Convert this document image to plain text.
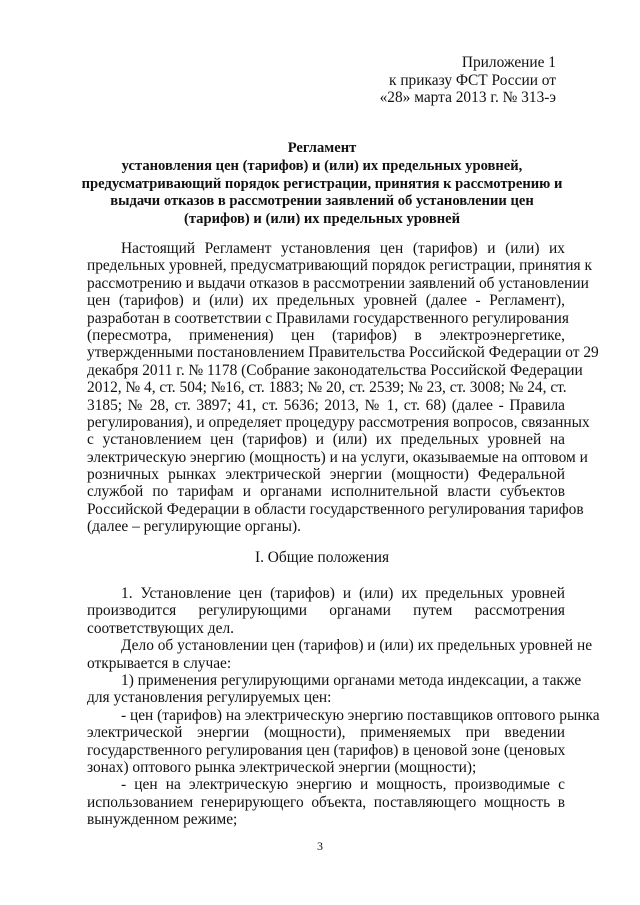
Приложение 1
к приказу ФСТ России от
«28» марта 2013 г. № 313-э
Регламент
установления цен (тарифов) и (или) их предельных уровней,
предусматривающий порядок регистрации, принятия к рассмотрению и
выдачи отказов в рассмотрении заявлений об установлении цен
(тарифов) и (или) их предельных уровней
Настоящий Регламент установления цен (тарифов) и (или) их
предельных уровней, предусматривающий порядок регистрации, принятия к
рассмотрению и выдачи отказов в рассмотрении заявлений об установлении
цен (тарифов) и (или) их предельных уровней (далее - Регламент),
разработан в соответствии с Правилами государственного регулирования
(пересмотра, применения) цен (тарифов) в электроэнергетике,
утвержденными постановлением Правительства Российской Федерации от 29
декабря 2011 г. № 1178 (Собрание законодательства Российской Федерации
2012, № 4, ст. 504; №16, ст. 1883; № 20, ст. 2539; № 23, ст. 3008; № 24, ст.
3185; № 28, ст. 3897; 41, ст. 5636; 2013, № 1, ст. 68) (далее - Правила
регулирования), и определяет процедуру рассмотрения вопросов, связанных
с установлением цен (тарифов) и (или) их предельных уровней на
электрическую энергию (мощность) и на услуги, оказываемые на оптовом и
розничных рынках электрической энергии (мощности) Федеральной
службой по тарифам и органами исполнительной власти субъектов
Российской Федерации в области государственного регулирования тарифов
(далее – регулирующие органы).
I. Общие положения
1. Установление цен (тарифов) и (или) их предельных уровней
производится регулирующими органами путем рассмотрения
соответствующих дел.
Дело об установлении цен (тарифов) и (или) их предельных уровней не
открывается в случае:
1) применения регулирующими органами метода индексации, а также
для установления регулируемых цен:
- цен (тарифов) на электрическую энергию поставщиков оптового рынка
электрической энергии (мощности), применяемых при введении
государственного регулирования цен (тарифов) в ценовой зоне (ценовых
зонах) оптового рынка электрической энергии (мощности);
- цен на электрическую энергию и мощность, производимые с
использованием генерирующего объекта, поставляющего мощность в
вынужденном режиме;
3
